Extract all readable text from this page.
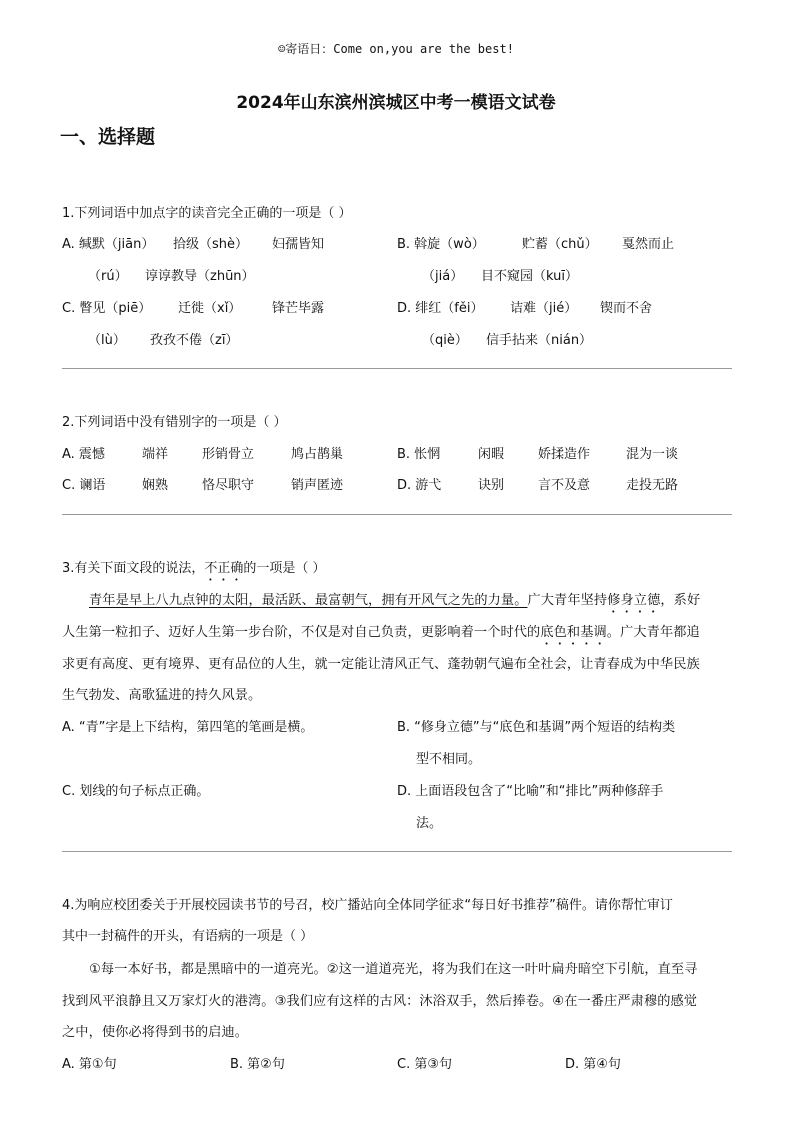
☺寄语日：Come on,you are the best!
2024年山东滨州滨城区中考一模语文试卷
一、选择题
1.下列词语中加点字的读音完全正确的一项是（ ）
A. 缄默（jiān） 拾级（shè） 妇孺皆知
（rú） 谆谆教导（zhūn）
B. 斡旋（wò）	贮蓄（chǔ） 戛然而止
（jiá） 目不窥园（kuī）
C. 瞥见（piē） 迁徙（xǐ） 锋芒毕露
（lù） 孜孜不倦（zī）
D. 绯红（fěi） 诘难（jié） 锲而不舍
（qiè） 信手拈来（nián）
2.下列词语中没有错别字的一项是（ ）
A. 震憾	端祥	形销骨立	鸠占鹊巢	B. 怅惘	闲暇	娇揉造作	混为一谈
C. 谰语	娴熟	恪尽职守	销声匿迹	D. 游弋	诀别	言不及意	走投无路
3.有关下面文段的说法，不正确的一项是（ ）
青年是早上八九点钟的太阳，最活跃、最富朝气，拥有开风气之先的力量。广大青年坚持修身立德，系好
人生第一粒扣子、迈好人生第一步台阶，不仅是对自己负责，更影响着一个时代的底色和基调。广大青年都追
求更有高度、更有境界、更有品位的人生，就一定能让清风正气、蓬勃朝气遍布全社会，让青春成为中华民族
生气勃发、高歌猛进的持久风景。
A. “青”字是上下结构，第四笔的笔画是横。	B. “修身立德”与“底色和基调”两个短语的结构类
型不相同。
C. 划线的句子标点正确。	D. 上面语段包含了“比喻”和“排比”两种修辞手
法。
4.为响应校团委关于开展校园读书节的号召，校广播站向全体同学征求“每日好书推荐”稿件。请你帮忙审订
其中一封稿件的开头，有语病的一项是（ ）
①每一本好书，都是黑暗中的一道亮光。②这一道道亮光，将为我们在这一叶叶扁舟暗空下引航，直至寻
找到风平浪静且又万家灯火的港湾。③我们应有这样的古风：沐浴双手，然后捧卷。④在一番庄严肃穆的感觉
之中，使你必将得到书的启迪。
A. 第①句	B. 第②句	C. 第③句	D. 第④句
